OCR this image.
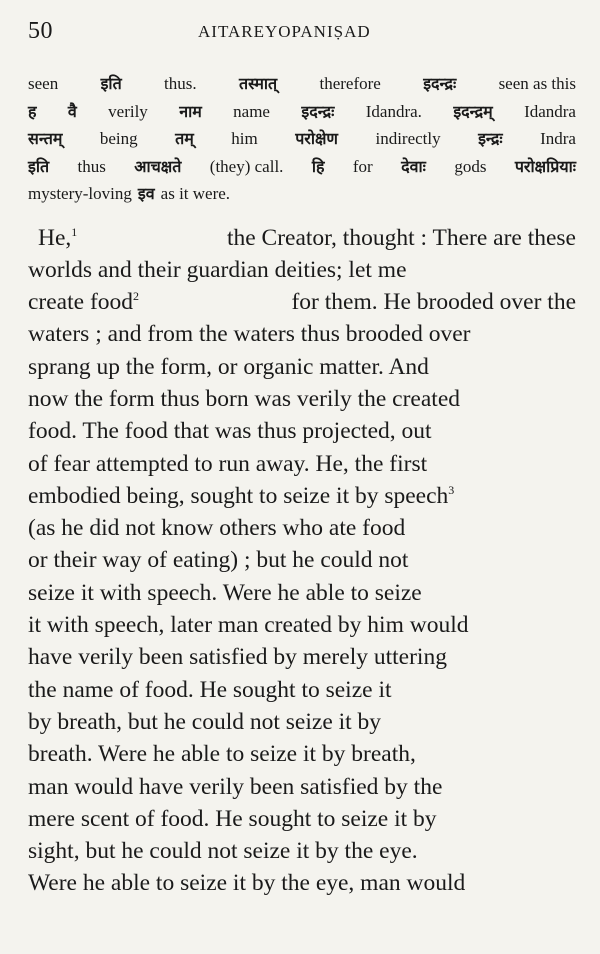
50	AITAREYOPANIṢAD
seen	इति thus.	तस्मात् therefore	इदन्द्रः seen as this
ह वै verily नाम name इदन्द्रः Idandra. इदन्द्रम् Idandra
सन्तम् being तम् him परोक्षेण indirectly इन्द्रः Indra
इति thus आचक्षते (they) call. हि for देवाः gods परोक्षप्रियाः
mystery-loving इव as it were.
He,$^1$	the Creator, thought : There are these
worlds and their guardian deities; let me
create food$^2$	for them. He brooded over the
waters ; and from the waters thus brooded over
sprang up the form, or organic matter. And
now the form thus born was verily the created
food. The food that was thus projected, out
of fear attempted to run away. He, the first
embodied being, sought to seize it by speech$^3$
(as he did not know others who ate food
or their way of eating) ; but he could not
seize it with speech. Were he able to seize
it with speech, later man created by him would
have verily been satisfied by merely uttering
the name of food. He sought to seize it
by breath, but he could not seize it by
breath. Were he able to seize it by breath,
man would have verily been satisfied by the
mere scent of food. He sought to seize it by
sight, but he could not seize it by the eye.
Were he able to seize it by the eye, man would
